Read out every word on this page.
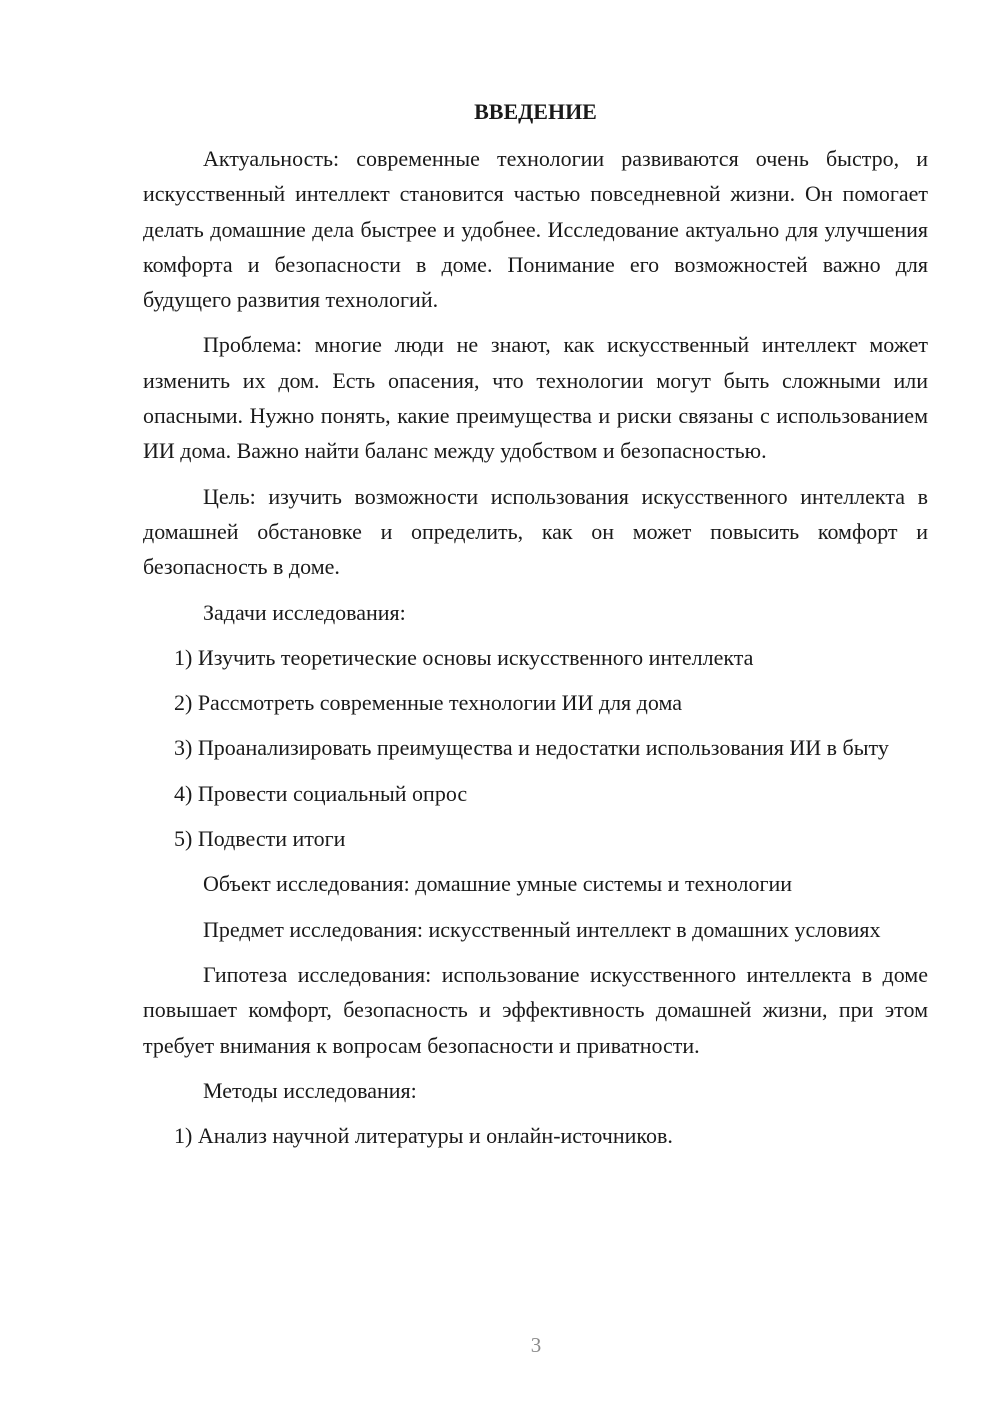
ВВЕДЕНИЕ

Актуальность: современные технологии развиваются очень быстро, и искусственный интеллект становится частью повседневной жизни. Он помогает делать домашние дела быстрее и удобнее. Исследование актуально для улучшения комфорта и безопасности в доме. Понимание его возможностей важно для будущего развития технологий.

Проблема: многие люди не знают, как искусственный интеллект может изменить их дом. Есть опасения, что технологии могут быть сложными или опасными. Нужно понять, какие преимущества и риски связаны с использованием ИИ дома. Важно найти баланс между удобством и безопасностью.

Цель: изучить возможности использования искусственного интеллекта в домашней обстановке и определить, как он может повысить комфорт и безопасность в доме.

Задачи исследования:

1) Изучить теоретические основы искусственного интеллекта

2) Рассмотреть современные технологии ИИ для дома

3) Проанализировать преимущества и недостатки использования ИИ в быту

4) Провести социальный опрос

5) Подвести итоги

Объект исследования: домашние умные системы и технологии

Предмет исследования: искусственный интеллект в домашних условиях

Гипотеза исследования: использование искусственного интеллекта в доме повышает комфорт, безопасность и эффективность домашней жизни, при этом требует внимания к вопросам безопасности и приватности.

Методы исследования:

1) Анализ научной литературы и онлайн-источников.

3
